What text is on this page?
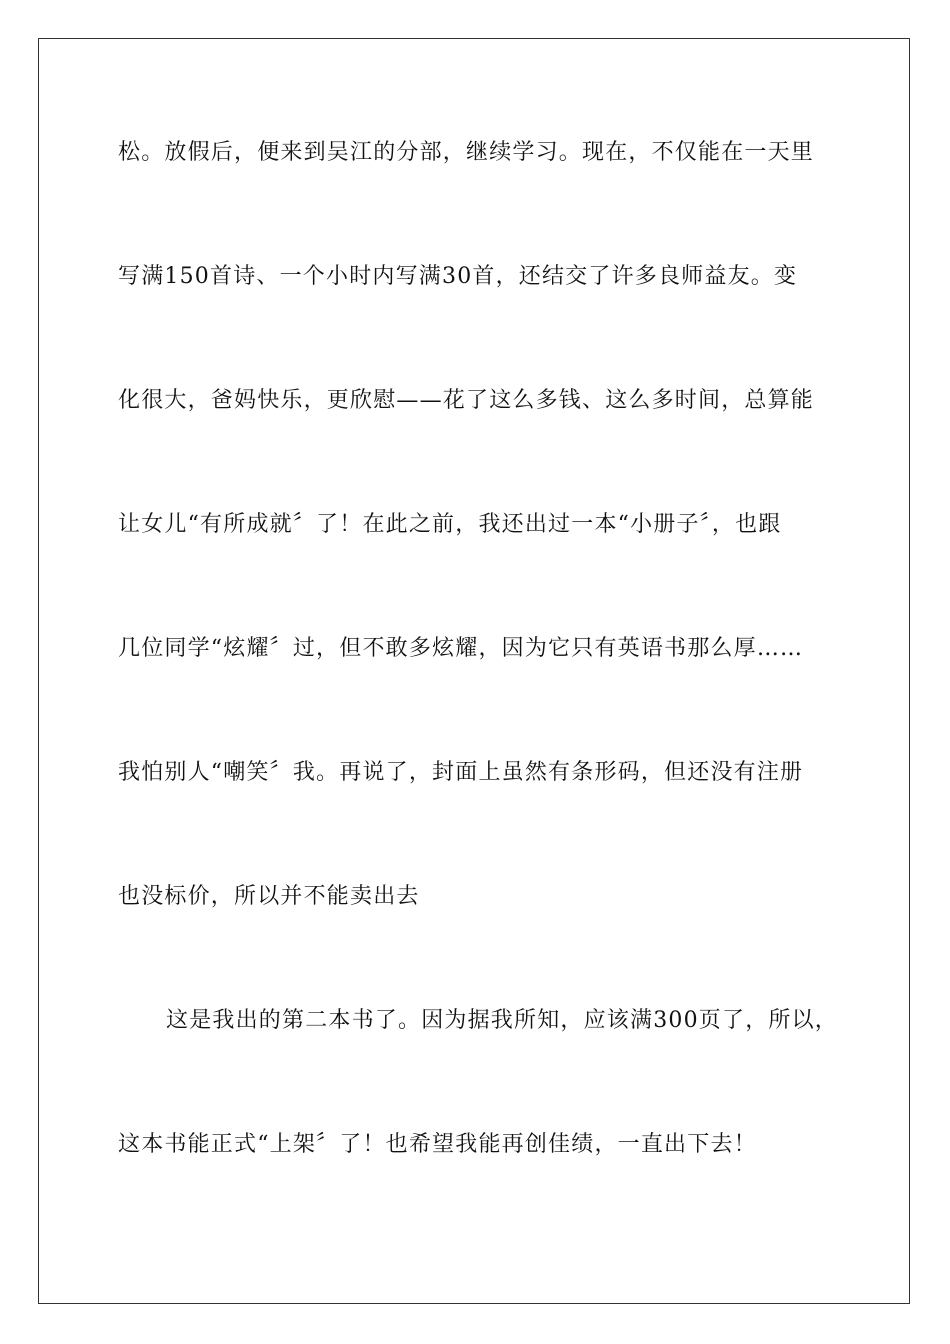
松。放假后，便来到吴江的分部，继续学习。现在，不仅能在一天里
写满150首诗、一个小时内写满30首，还结交了许多良师益友。变
化很大，爸妈快乐，更欣慰——花了这么多钱、这么多时间，总算能
让女儿“有所成就〞了！在此之前，我还出过一本“小册子〞，也跟
几位同学“炫耀〞过，但不敢多炫耀，因为它只有英语书那么厚……
我怕别人“嘲笑〞我。再说了，封面上虽然有条形码，但还没有注册
也没标价，所以并不能卖出去
这是我出的第二本书了。因为据我所知，应该满300页了，所以，
这本书能正式“上架〞了！也希望我能再创佳绩，一直出下去！
